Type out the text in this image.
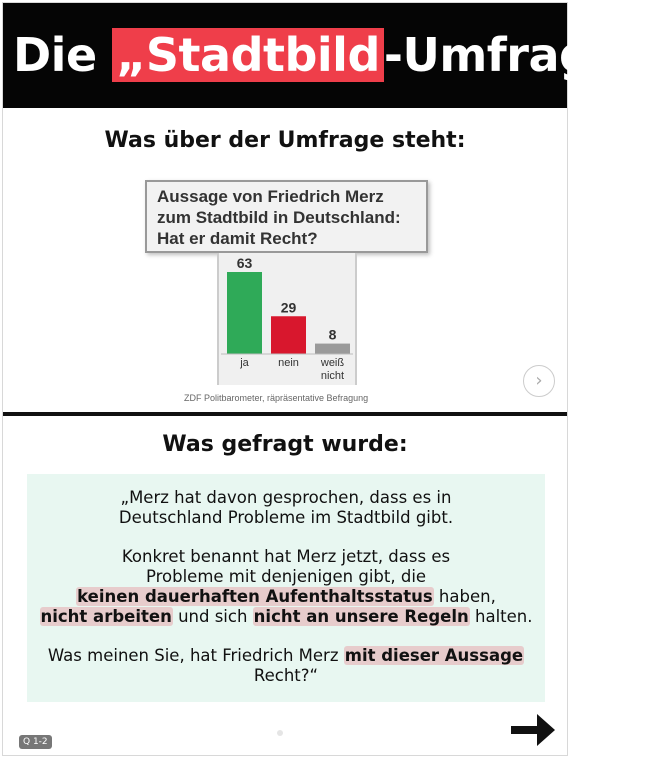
Die „Stadtbild-Umfrage“
Was über der Umfrage steht:

Aussage von Friedrich Merz

zum Stadtbild in Deutschland:

Hat er damit Recht?

63
ja
29
nein
8
weiß
nicht
ZDF Politbarometer, räpräsentative Befragung
›
Was gefragt wurde:
„Merz hat davon gesprochen, dass es in
Deutschland Probleme im Stadtbild gibt.
Konkret benannt hat Merz jetzt, dass es
Probleme mit denjenigen gibt, die
keinen dauerhaften Aufenthaltsstatus haben,
nicht arbeiten und sich nicht an unsere Regeln halten.
Was meinen Sie, hat Friedrich Merz mit dieser Aussage
Recht?“
Q 1-2
